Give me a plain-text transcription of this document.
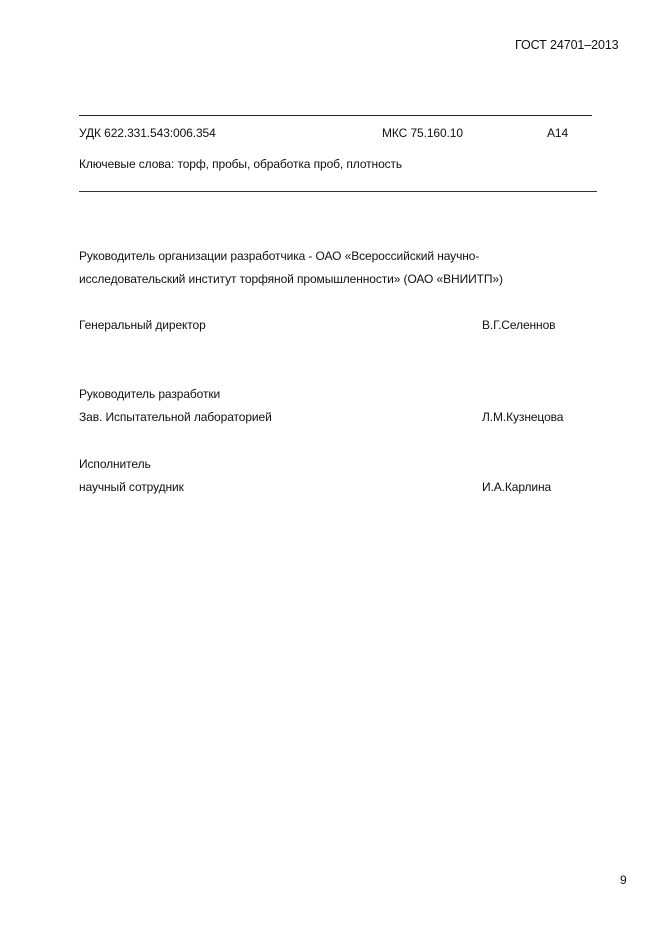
ГОСТ 24701–2013
УДК 622.331.543:006.354	МКС 75.160.10	А14
Ключевые слова: торф, пробы, обработка проб, плотность
Руководитель организации разработчика - ОАО «Всероссийский научно-
исследовательский институт торфяной промышленности» (ОАО «ВНИИТП»)
Генеральный директор	В.Г.Селеннов
Руководитель разработки
Зав. Испытательной лабораторией	Л.М.Кузнецова
Исполнитель
научный сотрудник	И.А.Карлина
9
